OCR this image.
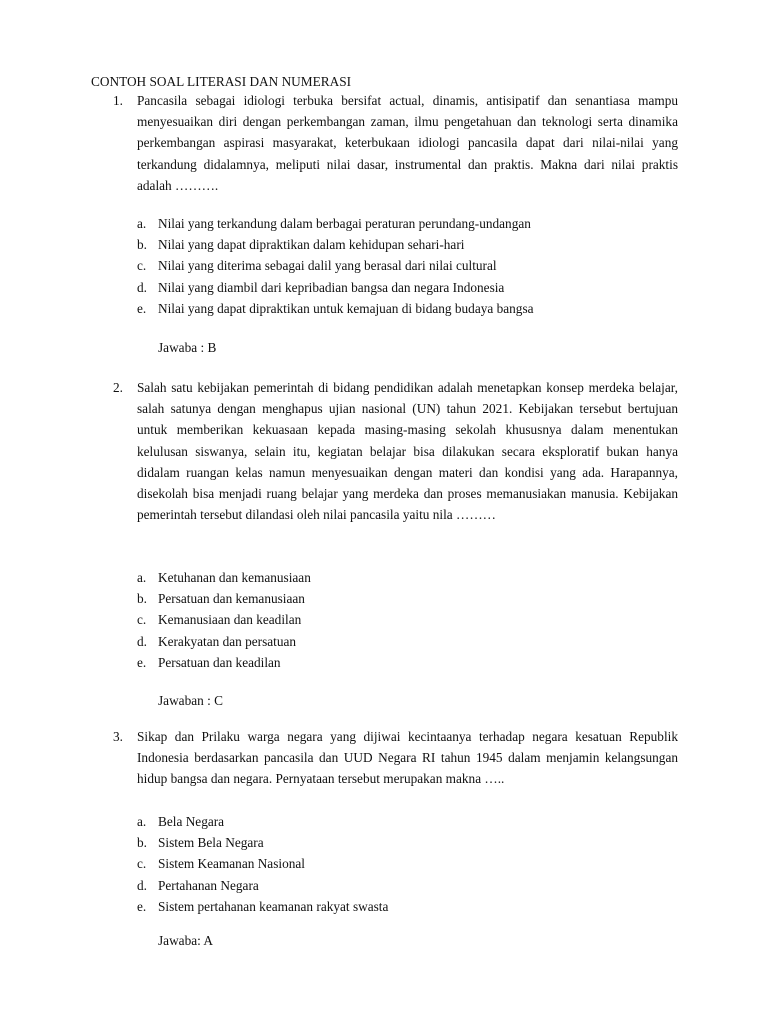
CONTOH SOAL LITERASI DAN NUMERASI
1. Pancasila sebagai idiologi terbuka bersifat actual, dinamis, antisipatif dan senantiasa mampu menyesuaikan diri dengan perkembangan zaman, ilmu pengetahuan dan teknologi serta dinamika perkembangan aspirasi masyarakat, keterbukaan idiologi pancasila dapat dari nilai-nilai yang terkandung didalamnya, meliputi nilai dasar, instrumental dan praktis. Makna dari nilai praktis adalah ……….
a. Nilai yang terkandung dalam berbagai peraturan perundang-undangan
b. Nilai yang dapat dipraktikan dalam kehidupan sehari-hari
c. Nilai yang diterima sebagai dalil yang berasal dari nilai cultural
d. Nilai yang diambil dari kepribadian bangsa dan negara Indonesia
e. Nilai yang dapat dipraktikan untuk kemajuan di bidang budaya bangsa
Jawaba : B
2. Salah satu kebijakan pemerintah di bidang pendidikan adalah menetapkan konsep merdeka belajar, salah satunya dengan menghapus ujian nasional (UN) tahun 2021. Kebijakan tersebut bertujuan untuk memberikan kekuasaan kepada masing-masing sekolah khususnya dalam menentukan kelulusan siswanya, selain itu, kegiatan belajar bisa dilakukan secara eksploratif bukan hanya didalam ruangan kelas namun menyesuaikan dengan materi dan kondisi yang ada. Harapannya, disekolah bisa menjadi ruang belajar yang merdeka dan proses memanusiakan manusia. Kebijakan pemerintah tersebut dilandasi oleh nilai pancasila yaitu nila ………
a. Ketuhanan dan kemanusiaan
b. Persatuan dan kemanusiaan
c. Kemanusiaan dan keadilan
d. Kerakyatan dan persatuan
e. Persatuan dan keadilan
Jawaban : C
3. Sikap dan Prilaku warga negara yang dijiwai kecintaanya terhadap negara kesatuan Republik Indonesia berdasarkan pancasila dan UUD Negara RI tahun 1945 dalam menjamin kelangsungan hidup bangsa dan negara. Pernyataan tersebut merupakan makna …..
a. Bela Negara
b. Sistem Bela Negara
c. Sistem Keamanan Nasional
d. Pertahanan Negara
e. Sistem pertahanan keamanan rakyat swasta
Jawaba: A
